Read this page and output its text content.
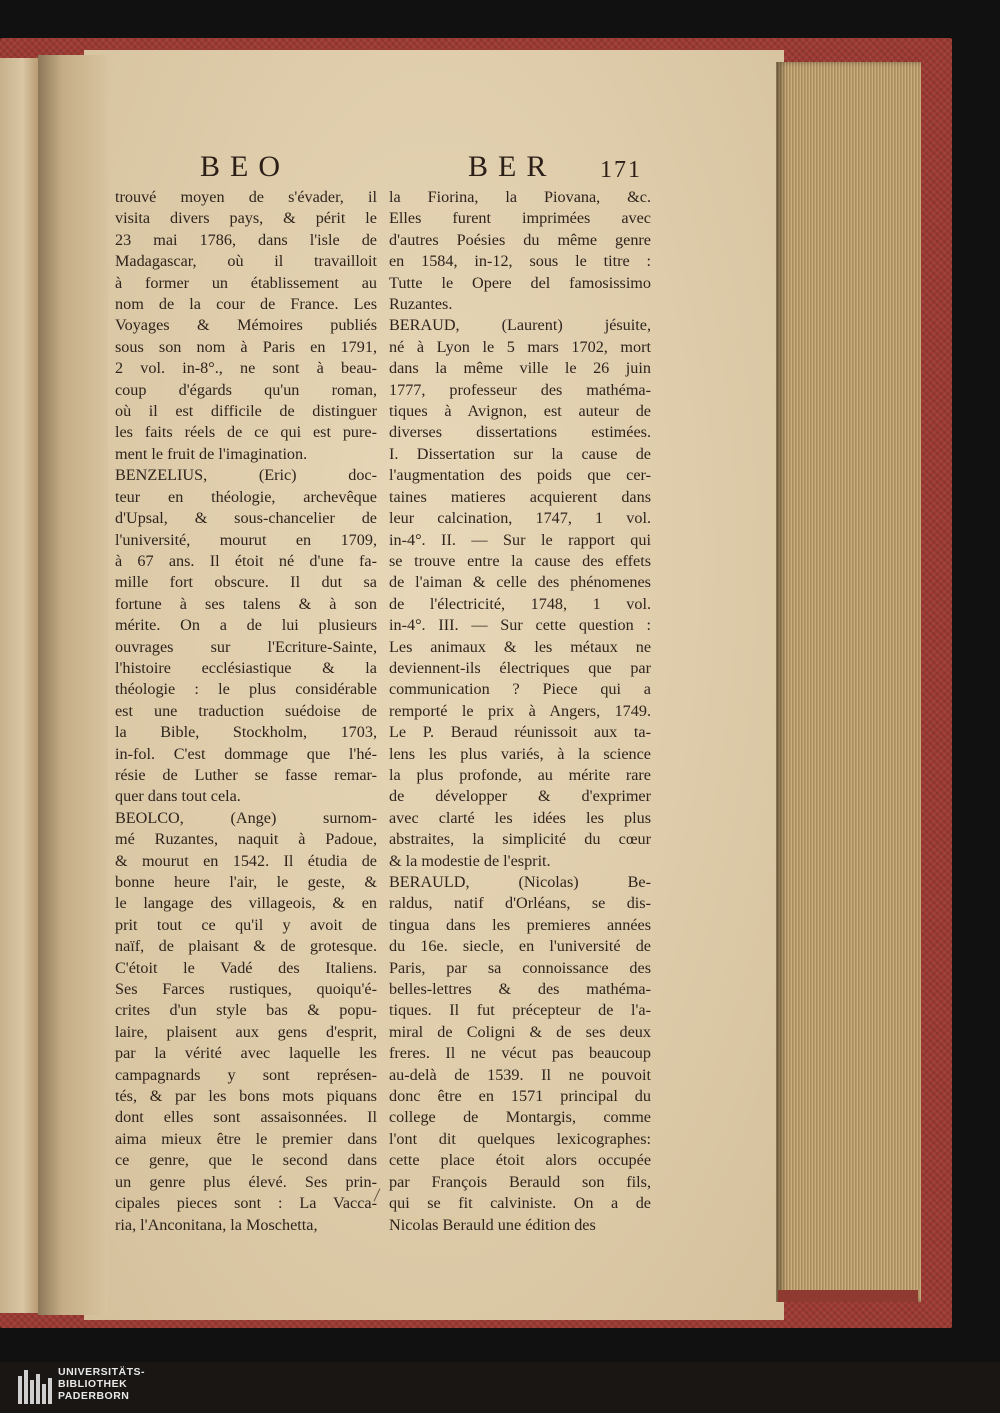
BEO	BER 171
trouvé moyen de s'évader, il
visita divers pays, & périt le
23 mai 1786, dans l'isle de
Madagascar, où il travailloit
à former un établissement au
nom de la cour de France. Les
Voyages & Mémoires publiés
sous son nom à Paris en 1791,
2 vol. in-8°., ne sont à beau-
coup d'égards qu'un roman,
où il est difficile de distinguer
les faits réels de ce qui est pure-
ment le fruit de l'imagination.
BENZELIUS, (Eric) doc-
teur en théologie, archevêque
d'Upsal, & sous-chancelier de
l'université, mourut en 1709,
à 67 ans. Il étoit né d'une fa-
mille fort obscure. Il dut sa
fortune à ses talens & à son
mérite. On a de lui plusieurs
ouvrages sur l'Ecriture-Sainte,
l'histoire ecclésiastique & la
théologie : le plus considérable
est une traduction suédoise de
la Bible, Stockholm, 1703,
in-fol. C'est dommage que l'hé-
résie de Luther se fasse remar-
quer dans tout cela.
BEOLCO, (Ange) surnom-
mé Ruzantes, naquit à Padoue,
& mourut en 1542. Il étudia de
bonne heure l'air, le geste, &
le langage des villageois, & en
prit tout ce qu'il y avoit de
naïf, de plaisant & de grotesque.
C'étoit le Vadé des Italiens.
Ses Farces rustiques, quoiqu'é-
crites d'un style bas & popu-
laire, plaisent aux gens d'esprit,
par la vérité avec laquelle les
campagnards y sont représen-
tés, & par les bons mots piquans
dont elles sont assaisonnées. Il
aima mieux être le premier dans
ce genre, que le second dans
un genre plus élevé. Ses prin-
cipales pieces sont : La Vacca-
ria, l'Anconitana, la Moschetta,
la Fiorina, la Piovana, &c.
Elles furent imprimées avec
d'autres Poésies du même genre
en 1584, in-12, sous le titre :
Tutte le Opere del famosissimo
Ruzantes.
BERAUD, (Laurent) jésuite,
né à Lyon le 5 mars 1702, mort
dans la même ville le 26 juin
1777, professeur des mathéma-
tiques à Avignon, est auteur de
diverses dissertations estimées.
I. Dissertation sur la cause de
l'augmentation des poids que cer-
taines matieres acquierent dans
leur calcination, 1747, 1 vol.
in-4°. II. — Sur le rapport qui
se trouve entre la cause des effets
de l'aiman & celle des phénomenes
de l'électricité, 1748, 1 vol.
in-4°. III. — Sur cette question :
Les animaux & les métaux ne
deviennent-ils électriques que par
communication ? Piece qui a
remporté le prix à Angers, 1749.
Le P. Beraud réunissoit aux ta-
lens les plus variés, à la science
la plus profonde, au mérite rare
de développer & d'exprimer
avec clarté les idées les plus
abstraites, la simplicité du cœur
& la modestie de l'esprit.
BERAULD, (Nicolas) Be-
raldus, natif d'Orléans, se dis-
tingua dans les premieres années
du 16e. siecle, en l'université de
Paris, par sa connoissance des
belles-lettres & des mathéma-
tiques. Il fut précepteur de l'a-
miral de Coligni & de ses deux
freres. Il ne vécut pas beaucoup
au-delà de 1539. Il ne pouvoit
donc être en 1571 principal du
college de Montargis, comme
l'ont dit quelques lexicographes:
cette place étoit alors occupée
par François Berauld son fils,
qui se fit calviniste. On a de
Nicolas Berauld une édition des
UNIVERSITÄTS-
BIBLIOTHEK
PADERBORN
